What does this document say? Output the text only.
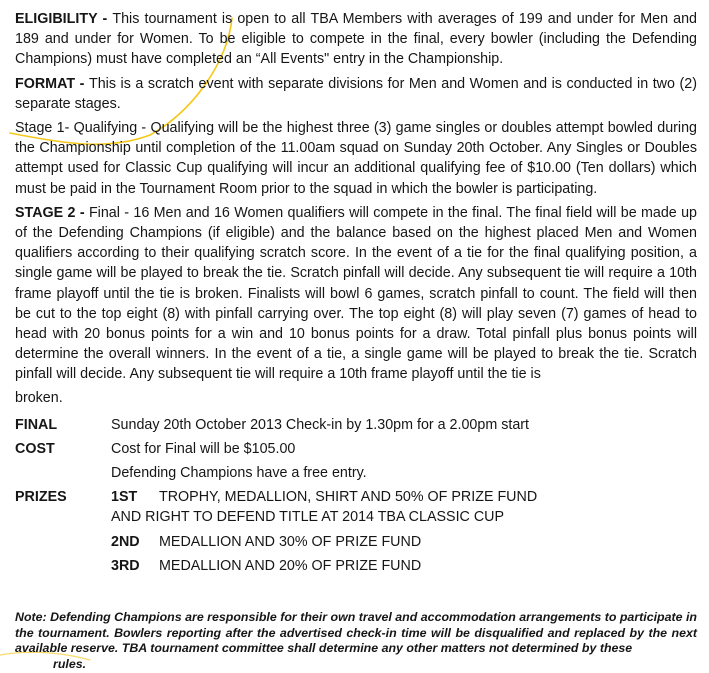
ELIGIBILITY - This tournament is open to all TBA Members with averages of 199 and under for Men and 189 and under for Women. To be eligible to compete in the final, every bowler (including the Defending Champions) must have completed an “All Events" entry in the Championship.

FORMAT - This is a scratch event with separate divisions for Men and Women and is conducted in two (2) separate stages.

Stage 1- Qualifying - Qualifying will be the highest three (3) game singles or doubles attempt bowled during the Championship until completion of the 11.00am squad on Sunday 20th October. Any Singles or Doubles attempt used for Classic Cup qualifying will incur an additional qualifying fee of $10.00 (Ten dollars) which must be paid in the Tournament Room prior to the squad in which the bowler is participating.

STAGE 2 - Final - 16 Men and 16 Women qualifiers will compete in the final. The final field will be made up of the Defending Champions (if eligible) and the balance based on the highest placed Men and Women qualifiers according to their qualifying scratch score. In the event of a tie for the final qualifying position, a single game will be played to break the tie. Scratch pinfall will decide. Any subsequent tie will require a 10th frame playoff until the tie is broken. Finalists will bowl 6 games, scratch pinfall to count. The field will then be cut to the top eight (8) with pinfall carrying over. The top eight (8) will play seven (7) games of head to head with 20 bonus points for a win and 10 bonus points for a draw. Total pinfall plus bonus points will determine the overall winners. In the event of a tie, a single game will be played to break the tie. Scratch pinfall will decide. Any subsequent tie will require a 10th frame playoff until the tie is

broken.

FINAL	Sunday 20th October 2013 Check-in by 1.30pm for a 2.00pm start
COST	Cost for Final will be $105.00
Defending Champions have a free entry.
PRIZES	1ST TROPHY, MEDALLION, SHIRT AND 50% OF PRIZE FUND
AND RIGHT TO DEFEND TITLE AT 2014 TBA CLASSIC CUP
2ND MEDALLION AND 30% OF PRIZE FUND
3RD MEDALLION AND 20% OF PRIZE FUND
Note: Defending Champions are responsible for their own travel and accommodation arrangements to participate in the tournament. Bowlers reporting after the advertised check-in time will be disqualified and replaced by the next available reserve. TBA tournament committee shall determine any other matters not determined by these
rules.
